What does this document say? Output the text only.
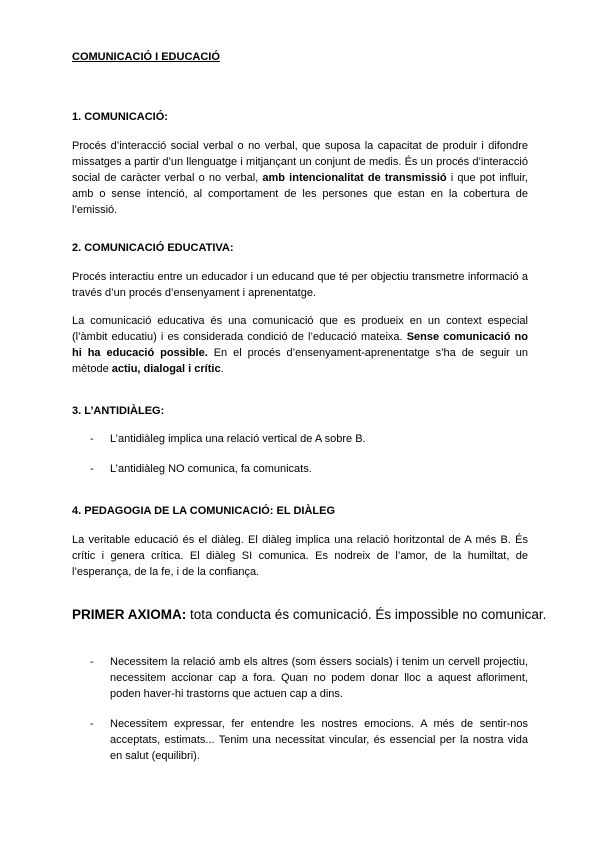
COMUNICACIÓ I EDUCACIÓ
1. COMUNICACIÓ:

Procés d’interacció social verbal o no verbal, que suposa la capacitat de produir i difondre missatges a partir d’un llenguatge i mitjançant un conjunt de medis. És un procés d’interacció social de caràcter verbal o no verbal, amb intencionalitat de transmissió i que pot influir, amb o sense intenció, al comportament de les persones que estan en la cobertura de l’emissió.

2. COMUNICACIÓ EDUCATIVA:

Procés interactiu entre un educador i un educand que té per objectiu transmetre informació a través d’un procés d’ensenyament i aprenentatge.

La comunicació educativa és una comunicació que es produeix en un context especial (l’àmbit educatiu) i es considerada condició de l’educació mateixa. Sense comunicació no hi ha educació possible. En el procés d’ensenyament-aprenentatge s’ha de seguir un mètode actiu, dialogal i crític.

3. L’ANTIDIÀLEG:
- L’antidiàleg implica una relació vertical de A sobre B.
- L’antidiàleg NO comunica, fa comunicats.
4. PEDAGOGIA DE LA COMUNICACIÓ: EL DIÀLEG

La veritable educació és el diàleg. El diàleg implica una relació horitzontal de A més B. És crític i genera crítica. El diàleg SI comunica. Es nodreix de l’amor, de la humiltat, de l’esperança, de la fe, i de la confiança.

PRIMER AXIOMA: tota conducta és comunicació. És impossible no comunicar.
- Necessitem la relació amb els altres (som éssers socials) i tenim un cervell projectiu, necessitem accionar cap a fora. Quan no podem donar lloc a aquest afloriment, poden haver-hi trastorns que actuen cap a dins.
- Necessitem expressar, fer entendre les nostres emocions. A més de sentir-nos acceptats, estimats... Tenim una necessitat vincular, és essencial per la nostra vida en salut (equilibri).
